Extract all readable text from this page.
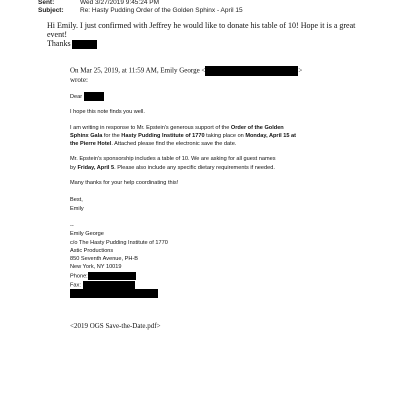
Sent:	Wed 3/27/2019 9:45:24 PM
Subject:	Re: Hasty Pudding Order of the Golden Sphinx - April 15
Hi Emily. I just confirmed with Jeffrey he would like to donate his table of 10! Hope it is a great
event!
Thanks
On Mar 25, 2019, at 11:59 AM, Emily George <	>
wrote:
Dear
I hope this note finds you well.
I am writing in response to Mr. Epstein's generous support of the Order of the Golden
Sphinx Gala for the Hasty Pudding Institute of 1770 taking place on Monday, April 15 at
the Pierre Hotel. Attached please find the electronic save the date.
Mr. Epstein's sponsorship includes a table of 10. We are asking for all guest names
by Friday, April 5. Please also include any specific dietary requirements if needed.
Many thanks for your help coordinating this!
Best,
Emily
--
Emily George
c/o The Hasty Pudding Institute of 1770
Astic Productions
850 Seventh Avenue, PH-B
New York, NY 10019
Phone:
Fax:
<2019 OGS Save-the-Date.pdf>
